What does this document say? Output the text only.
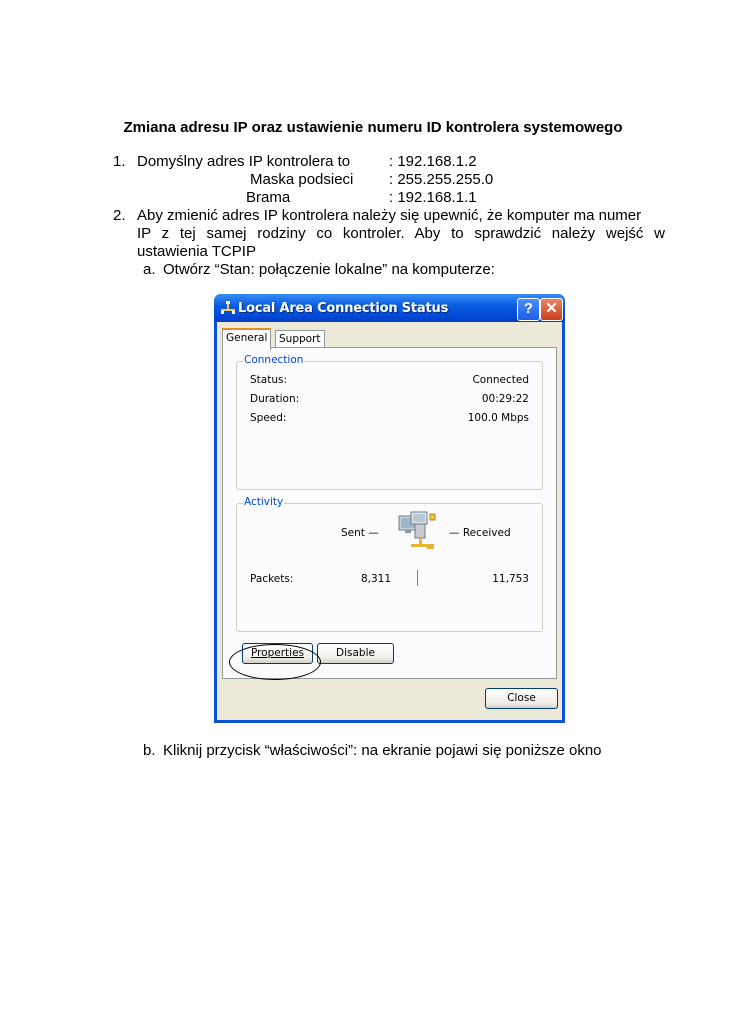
Zmiana adresu IP oraz ustawienie numeru ID kontrolera systemowego
1. Domyślny adres IP kontrolera to	: 192.168.1.2
Maska podsieci : 255.255.255.0
Brama	: 192.168.1.1
2. Aby zmienić adres IP kontrolera należy się upewnić, że komputer ma numer
IP z tej samej rodziny co kontroler. Aby to sprawdzić należy wejść w
ustawienia TCPIP
a. Otwórz “Stan: połączenie lokalne” na komputerze:
Local Area Connection Status	? ✕
General	Support
Connection
Status:	Connected
Duration:	00:29:22
Speed:	100.0 Mbps
Activity
Sent —	— Received
Packets:	8,311	11,753
Properties	Disable
Close
b. Kliknij przycisk “właściwości”: na ekranie pojawi się poniższe okno
